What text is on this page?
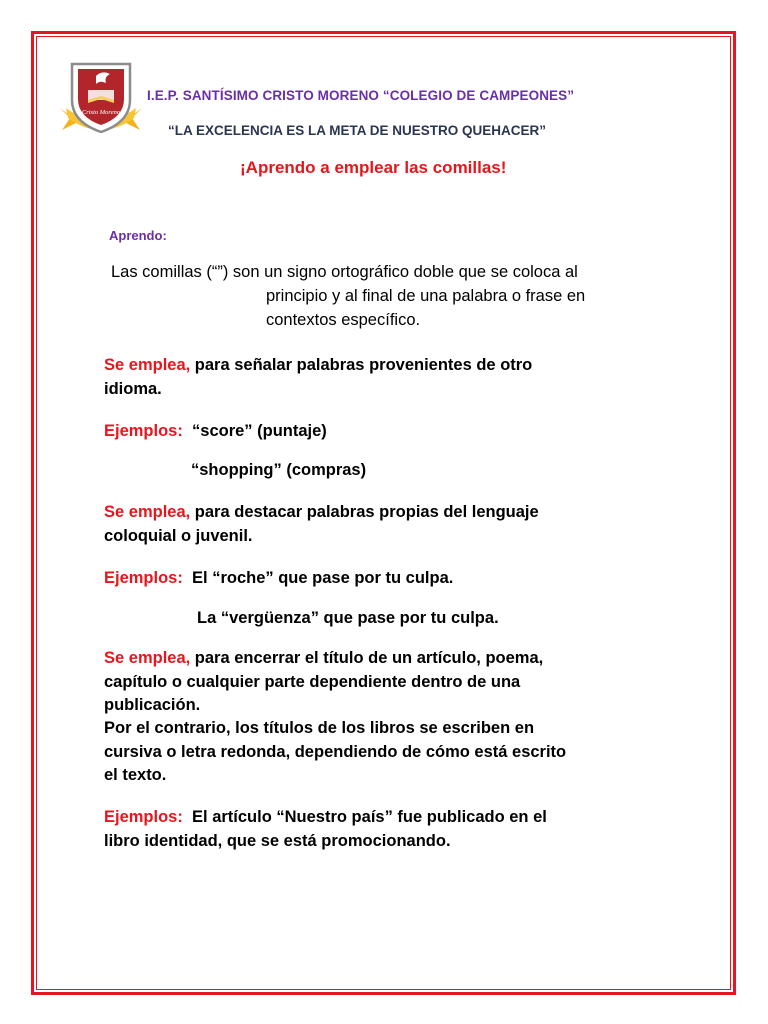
Cristo Moreno
I.E.P. SANTÍSIMO CRISTO MORENO “COLEGIO DE CAMPEONES”
“LA EXCELENCIA ES LA META DE NUESTRO QUEHACER”
¡Aprendo a emplear las comillas!
Aprendo:
Las comillas (“”) son un signo ortográfico doble que se coloca al
principio y al final de una palabra o frase en
contextos específico.
Se emplea, para señalar palabras provenientes de otro
idioma.
Ejemplos: “score” (puntaje)
“shopping” (compras)
Se emplea, para destacar palabras propias del lenguaje
coloquial o juvenil.
Ejemplos: El “roche” que pase por tu culpa.
La “vergüenza” que pase por tu culpa.
Se emplea, para encerrar el título de un artículo, poema,
capítulo o cualquier parte dependiente dentro de una
publicación.
Por el contrario, los títulos de los libros se escriben en
cursiva o letra redonda, dependiendo de cómo está escrito
el texto.
Ejemplos: El artículo “Nuestro país” fue publicado en el
libro identidad, que se está promocionando.
